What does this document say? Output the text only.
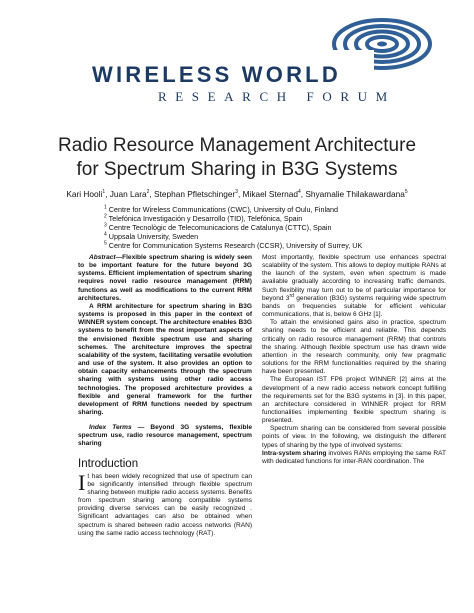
WIRELESS WORLD
RESEARCH FORUM
Radio Resource Management Architecture
for Spectrum Sharing in B3G Systems
Kari Hooli$^1$, Juan Lara$^2$, Stephan Pfletschinger$^3$, Mikael Sternad$^4$, Shyamalie Thilakawardana$^5$
$^1$ Centre for Wireless Communications (CWC), University of Oulu, Finland
$^2$ Telefónica Investigación y Desarrollo (TID), Telefónica, Spain
$^3$ Centre Tecnològic de Telecomunicacions de Catalunya (CTTC), Spain
$^4$ Uppsala University, Sweden
$^5$ Centre for Communication Systems Research (CCSR), University of Surrey, UK

Abstract—Flexible spectrum sharing is widely seen to be important feature for the future beyond 3G systems. Efficient implementation of spectrum sharing requires novel radio resource management (RRM) functions as well as modifications to the current RRM architectures.

A RRM architecture for spectrum sharing in B3G systems is proposed in this paper in the context of WINNER system concept. The architecture enables B3G systems to benefit from the most important aspects of the envisioned flexible spectrum use and sharing schemes. The architecture improves the spectral scalability of the system, facilitating versatile evolution and use of the system. It also provides an option to obtain capacity enhancements through the spectrum sharing with systems using other radio access technologies. The proposed architecture provides a flexible and general framework for the further development of RRM functions needed by spectrum sharing.

Index Terms — Beyond 3G systems, flexible spectrum use, radio resource management, spectrum sharing

Introduction

It has been widely recognized that use of spectrum can be significantly intensified through flexible spectrum sharing between multiple radio access systems. Benefits from spectrum sharing among compatible systems providing diverse services can be easily recognized . Significant advantages can also be obtained when spectrum is shared between radio access networks (RAN) using the same radio access technology (RAT).

Most importantly, flexible spectrum use enhances spectral scalability of the system. This allows to deploy multiple RANs at the launch of the system, even when spectrum is made available gradually according to increasing traffic demands. Such flexibility may turn out to be of particular importance for beyond 3rd generation (B3G) systems requiring wide spectrum bands on frequencies suitable for efficient vehicular communications, that is, below 6 GHz [1].

To attain the envisioned gains also in practice, spectrum sharing needs to be efficient and reliable. This depends critically on radio resource management (RRM) that controls the sharing. Although flexible spectrum use has drawn wide attention in the research community, only few pragmatic solutions for the RRM functionalities required by the sharing have been presented.

The European IST FP6 project WINNER [2] aims at the development of a new radio access network concept fulfilling the requirements set for the B3G systems in [3]. In this paper, an architecture considered in WINNER project for RRM functionalities implementing flexible spectrum sharing is presented.

Spectrum sharing can be considered from several possible points of view. In the following, we distinguish the different types of sharing by the type of involved systems:

Intra-system sharing involves RANs employing the same RAT with dedicated functions for inter-RAN coordination. The
